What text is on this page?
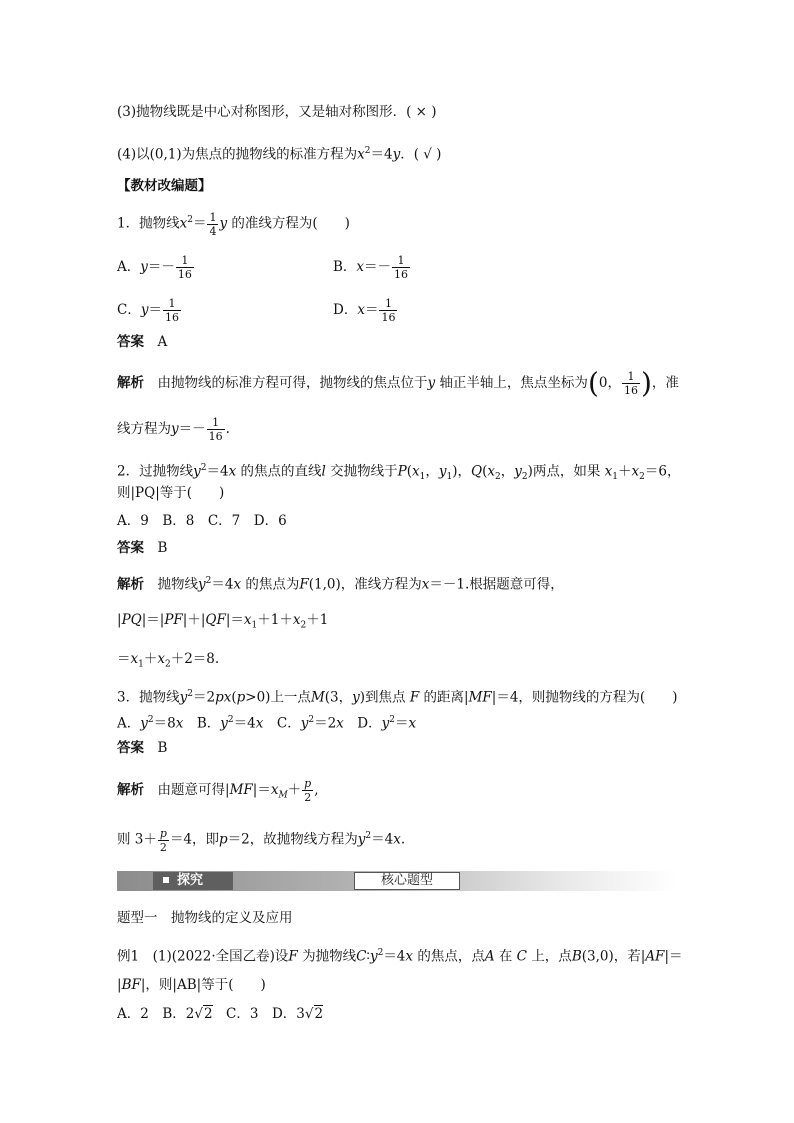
(3)抛物线既是中心对称图形，又是轴对称图形．( × )
(4)以(0,1)为焦点的抛物线的标准方程为$x^2=4y$．( √ )
【教材改编题】
1．抛物线$x^2= \frac{1}{4}$ y 的准线方程为(　　)
A．$y=- \frac{1}{16}$	B．$x=- \frac{1}{16}$
C．$y= \frac{1}{16}$	D．$x= \frac{1}{16}$
答案　 A
解析　 由抛物线的标准方程可得，抛物线的焦点位于y 轴正半轴上，焦点坐标为(0， $\frac{1}{16}$ )，准
线方程为$y=- \frac{1}{16}$ .
2．过抛物线$y^2=4x$ 的焦点的直线l 交抛物线于$P(x_1$，$y_1$)，$Q(x_2$，$y_2$)两点，如果 $x_1+x_2=6$，
则|PQ|等于(　　)
A．9　B．8　C．7　D．6
答案　 B
解析　 抛物线$y^2=4x$ 的焦点为F(1,0)，准线方程为x＝－1.根据题意可得，
$|PQ|=|PF|+|QF|=x_1+1+x_2+1$
$=x_1+x_2+2=8$.
3．抛物线$y^2=2px(p>0)$上一点M(3，y)到焦点 F 的距离|MF|＝4，则抛物线的方程为(　　)
A．$y^2=8x$　B．$y^2=4x$　C．$y^2=2x$　D．$y^2=x$
答案　 B
解析　 由题意可得$|MF|=x_M+ \frac{p}{2}$ ,
则 $3+ \frac{p}{2} =4$，即p＝2，故抛物线方程为$y^2=4x$.
探究	核心题型
题型一　抛物线的定义及应用
例1　 (1)(2022·全国乙卷)设F 为抛物线$C∶y^2=4x$ 的焦点，点A 在 C 上，点B(3,0)，若|AF|＝
|BF|，则|AB|等于(　　)
A．2　B．2√2　C．3　D．3√2
